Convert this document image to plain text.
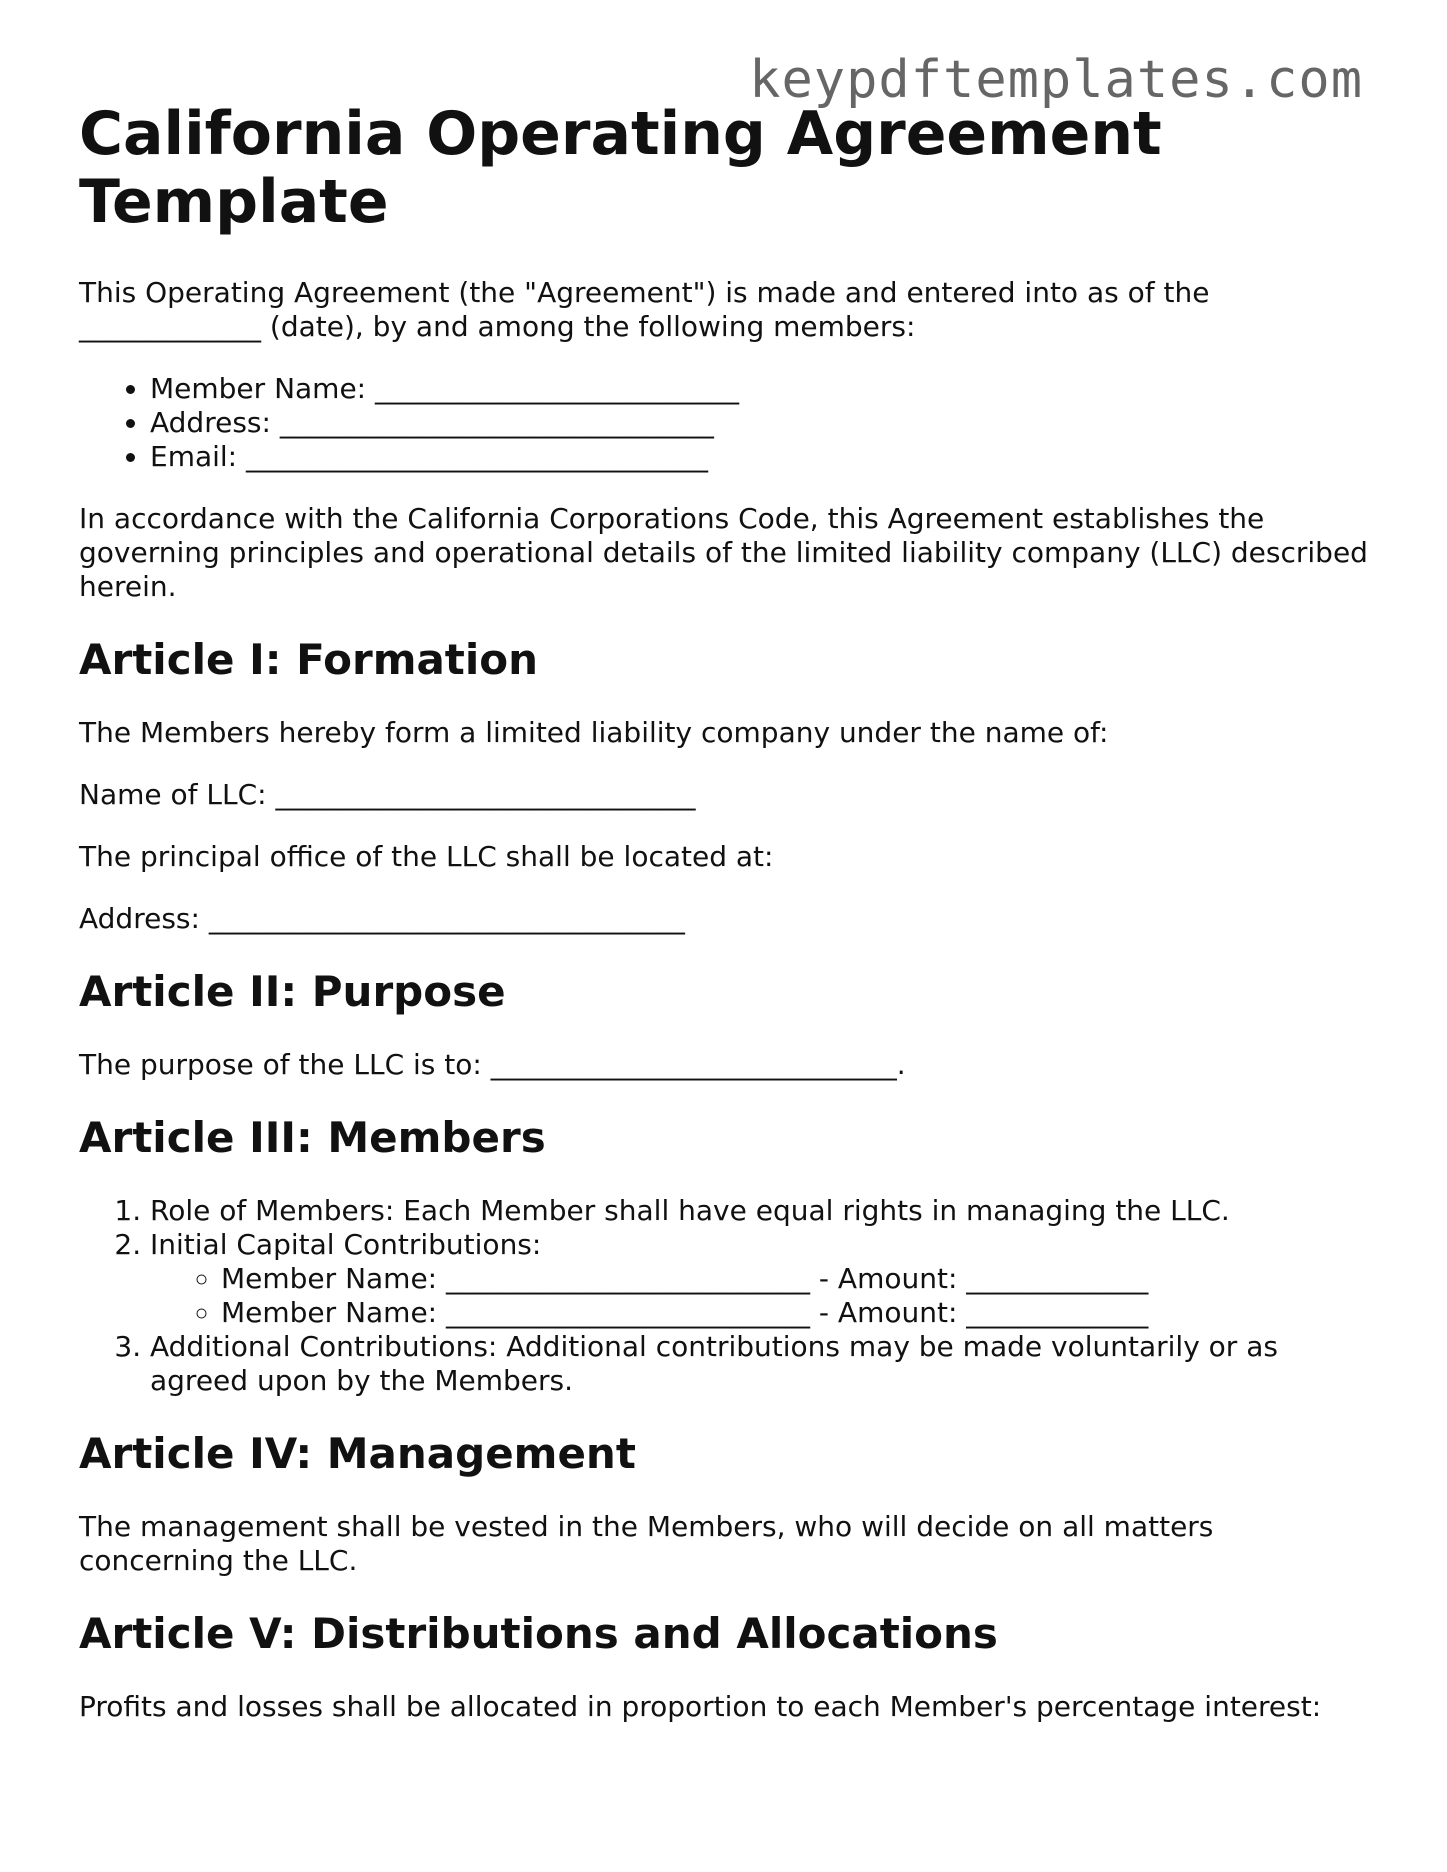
keypdftemplates.com
California Operating Agreement Template

This Operating Agreement (the "Agreement") is made and entered into as of the _____________ (date), by and among the following members:

• Member Name: __________________________
• Address: _______________________________
• Email: _________________________________

In accordance with the California Corporations Code, this Agreement establishes the governing principles and operational details of the limited liability company (LLC) described herein.

Article I: Formation

The Members hereby form a limited liability company under the name of:

Name of LLC: ______________________________

The principal office of the LLC shall be located at:

Address: __________________________________

Article II: Purpose

The purpose of the LLC is to: _____________________________.

Article III: Members
1. Role of Members: Each Member shall have equal rights in managing the LLC.
2. Initial Capital Contributions:
◦ Member Name: __________________________ - Amount: _____________
◦ Member Name: __________________________ - Amount: _____________
3. Additional Contributions: Additional contributions may be made voluntarily or as agreed upon by the Members.
Article IV: Management

The management shall be vested in the Members, who will decide on all matters concerning the LLC.

Article V: Distributions and Allocations

Profits and losses shall be allocated in proportion to each Member's percentage interest:
